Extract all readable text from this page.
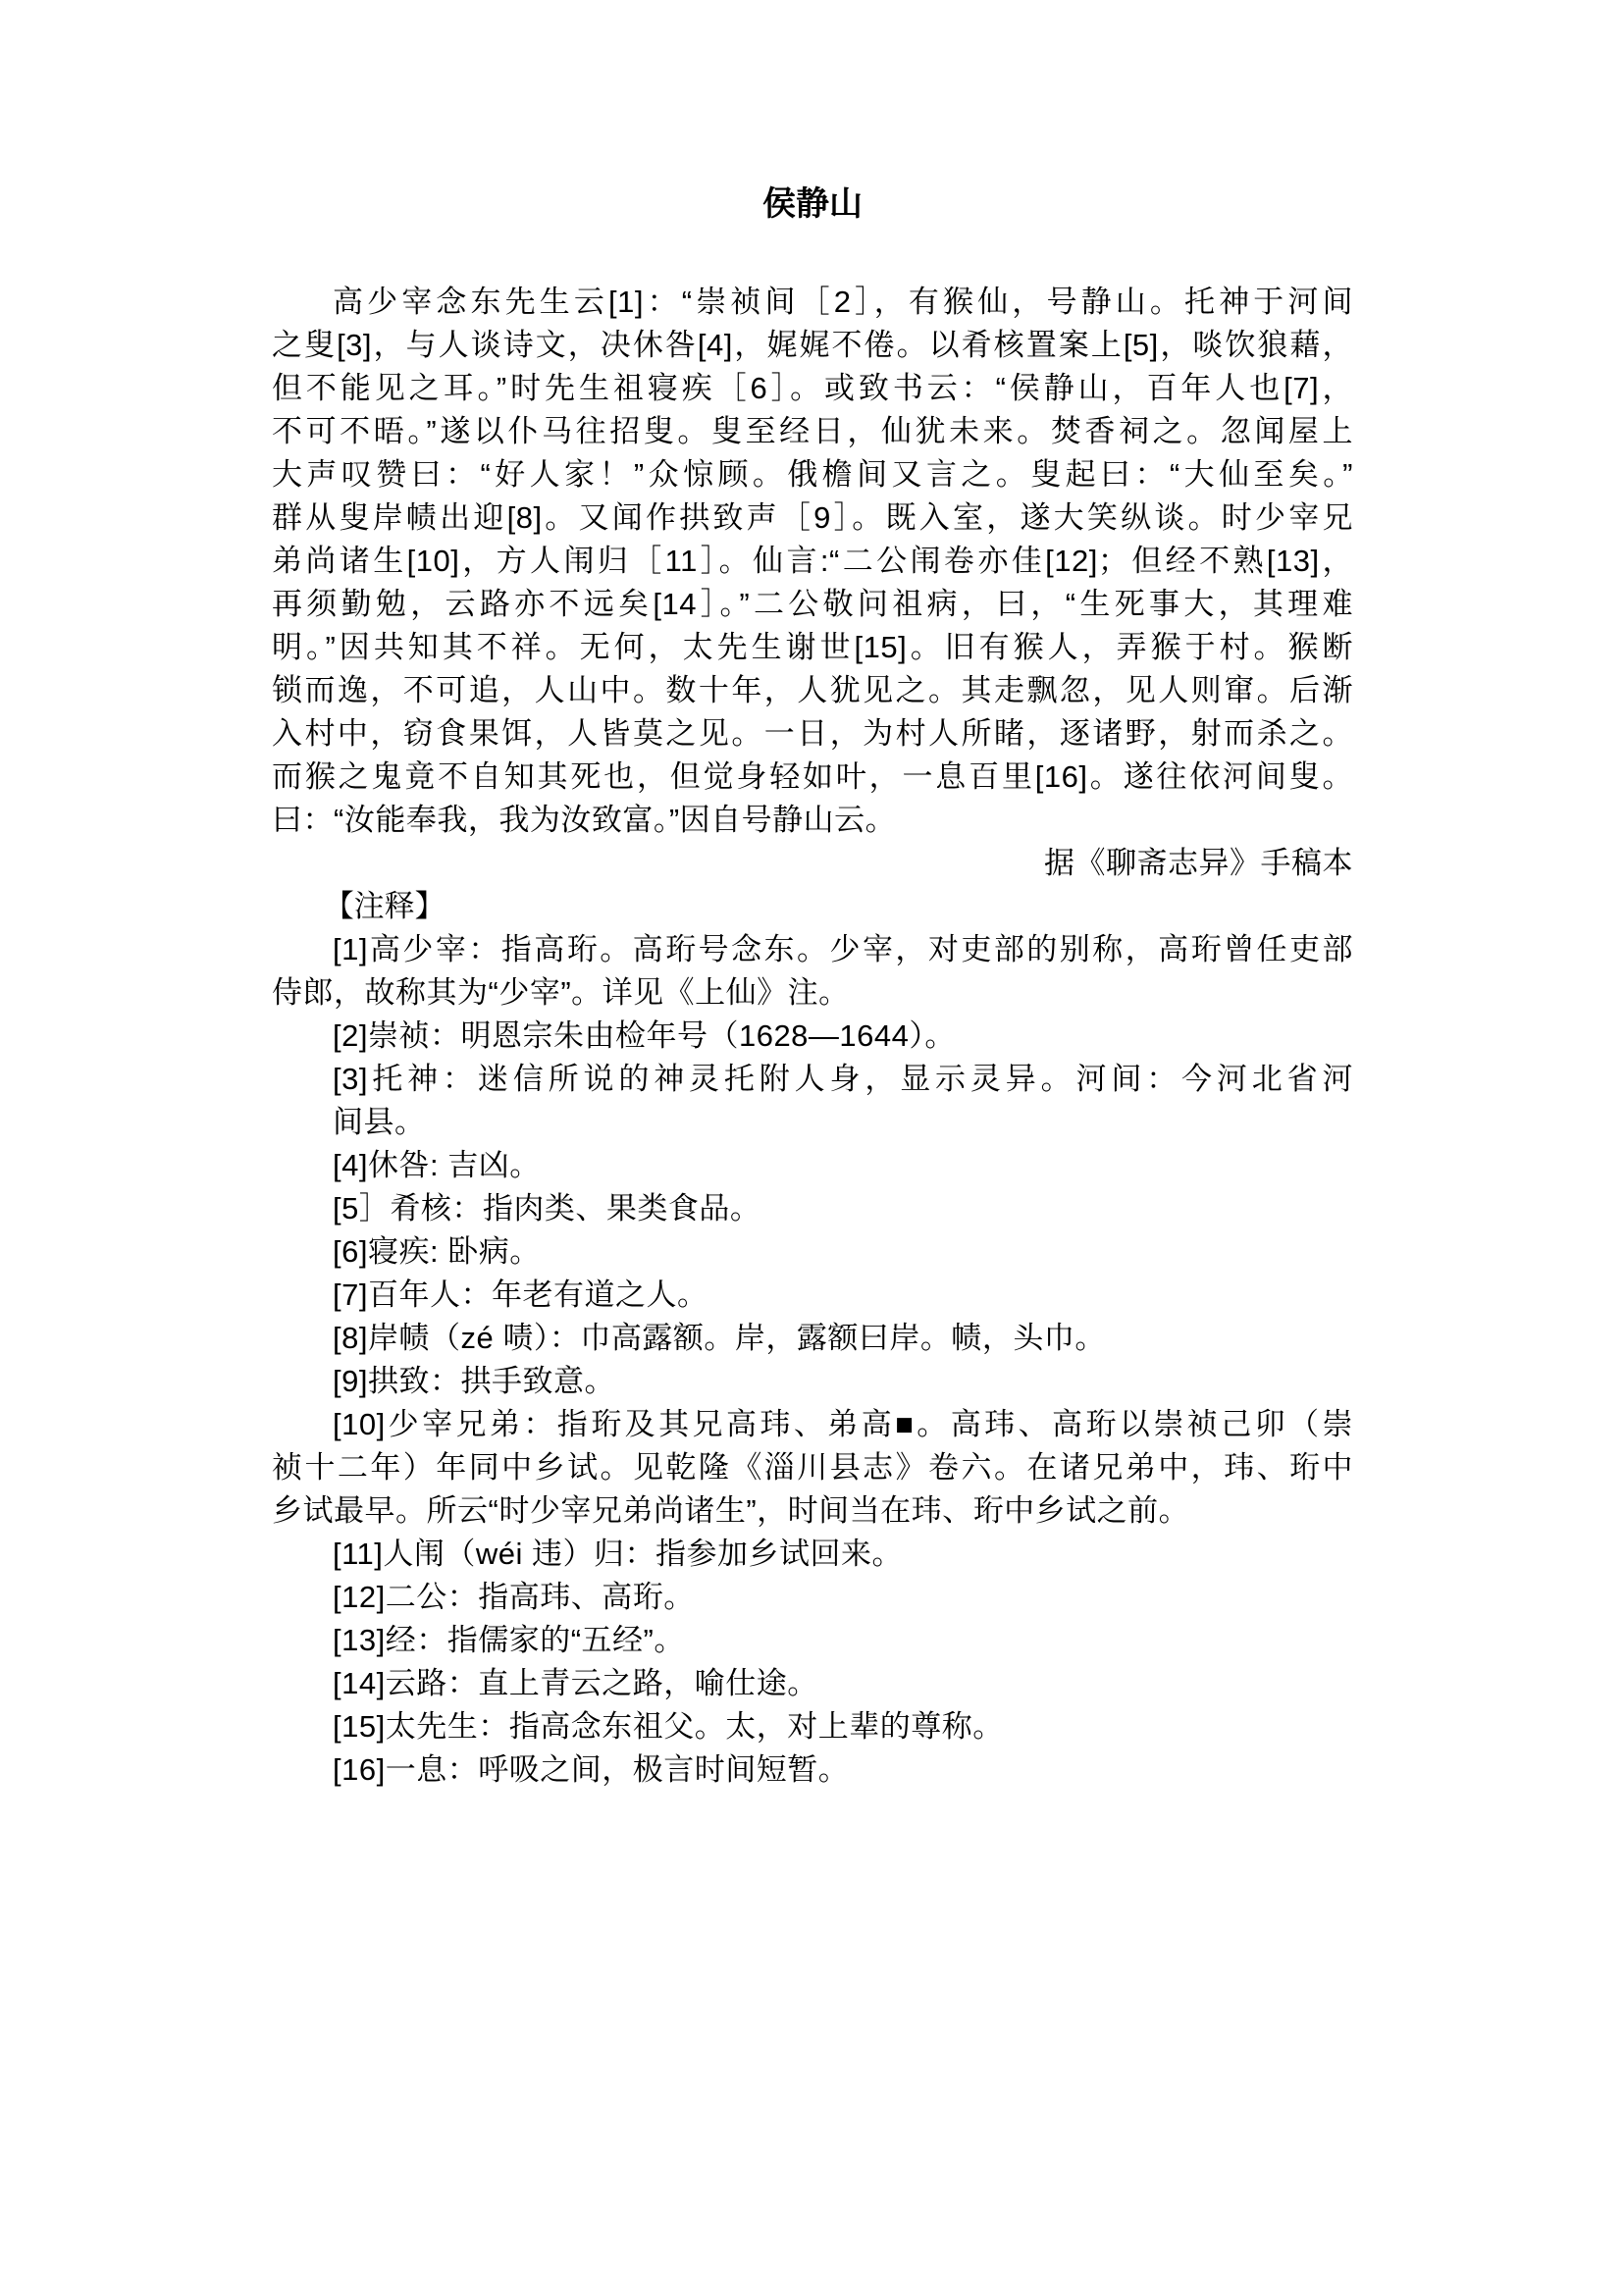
侯静山
高少宰念东先生云[1]：“崇祯间［2］，有猴仙，号静山。托神于河间
之叟[3]，与人谈诗文，决休咎[4]，娓娓不倦。以肴核置案上[5]，啖饮狼藉，
但不能见之耳。”时先生祖寝疾［6］。或致书云：“侯静山，百年人也[7]，
不可不晤。”遂以仆马往招叟。叟至经日，仙犹未来。焚香祠之。忽闻屋上
大声叹赞曰：“好人家！”众惊顾。俄檐间又言之。叟起曰：“大仙至矣。”
群从叟岸帻出迎[8]。又闻作拱致声［9］。既入室，遂大笑纵谈。时少宰兄
弟尚诸生[10]，方人闱归［11］。仙言:“二公闱卷亦佳[12]；但经不熟[13]，
再须勤勉，云路亦不远矣[14］。”二公敬问祖病，曰，“生死事大，其理难
明。”因共知其不祥。无何，太先生谢世[15]。旧有猴人，弄猴于村。猴断
锁而逸，不可追，人山中。数十年，人犹见之。其走飘忽，见人则窜。后渐
入村中，窃食果饵，人皆莫之见。一日，为村人所睹，逐诸野，射而杀之。
而猴之鬼竟不自知其死也，但觉身轻如叶，一息百里[16]。遂往依河间叟。
曰：“汝能奉我，我为汝致富。”因自号静山云。
据《聊斋志异》手稿本
【注释】
[1]高少宰：指高珩。高珩号念东。少宰，对吏部的别称，高珩曾任吏部
侍郎，故称其为“少宰”。详见《上仙》注。
[2]崇祯：明恩宗朱由检年号（1628—1644）。
[3]托神：迷信所说的神灵托附人身，显示灵异。河间：今河北省河
间县。
[4]休咎: 吉凶。
[5］肴核：指肉类、果类食品。
[6]寝疾: 卧病。
[7]百年人：年老有道之人。
[8]岸帻（zé 啧）：巾高露额。岸，露额曰岸。帻，头巾。
[9]拱致：拱手致意。
[10]少宰兄弟：指珩及其兄高玮、弟高■。高玮、高珩以崇祯己卯（崇
祯十二年）年同中乡试。见乾隆《淄川县志》卷六。在诸兄弟中，玮、珩中
乡试最早。所云“时少宰兄弟尚诸生”，时间当在玮、珩中乡试之前。
[11]人闱（wéi 违）归：指参加乡试回来。
[12]二公：指高玮、高珩。
[13]经：指儒家的“五经”。
[14]云路：直上青云之路，喻仕途。
[15]太先生：指高念东祖父。太，对上辈的尊称。
[16]一息：呼吸之间，极言时间短暂。
